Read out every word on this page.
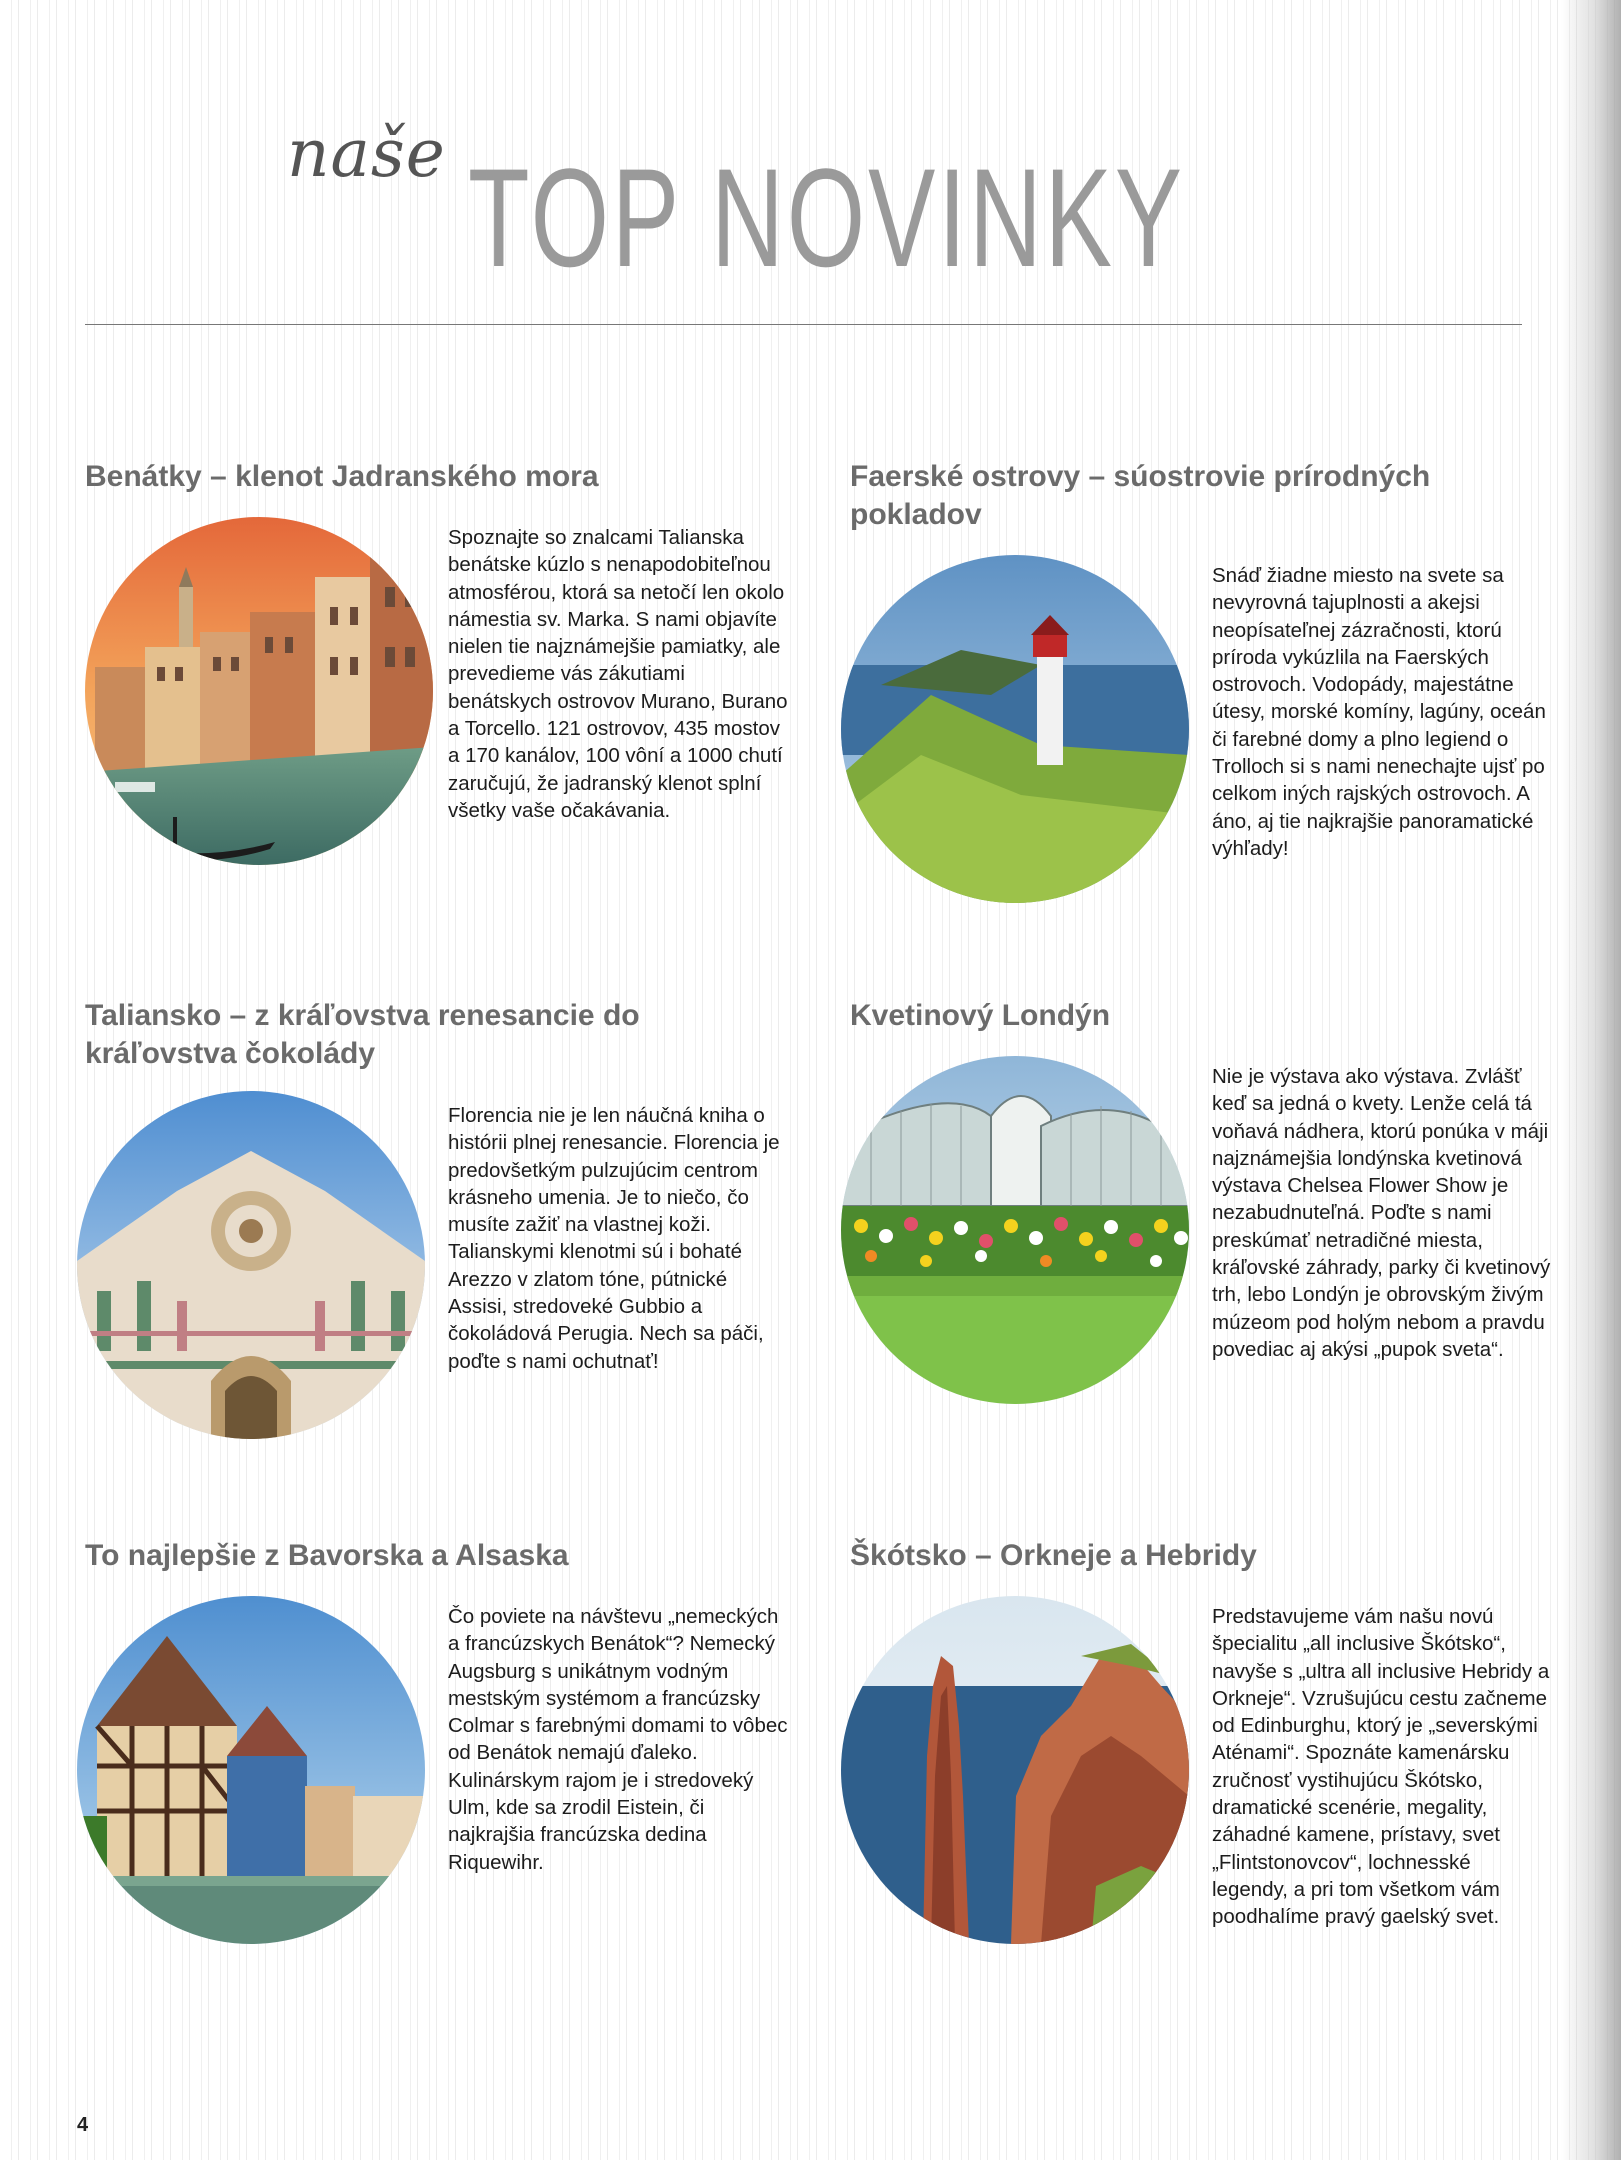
naše TOP NOVINKY
Benátky – klenot Jadranského mora

Spoznajte so znalcami Talianska benátske kúzlo s nenapodobiteľnou atmosférou, ktorá sa netočí len okolo námestia sv. Marka. S nami objavíte nielen tie najznámejšie pamiatky, ale prevedieme vás zákutiami benátskych ostrovov Murano, Burano a Torcello. 121 ostrovov, 435 mostov a 170 kanálov, 100 vôní a 1000 chutí zaručujú, že jadranský klenot splní všetky vaše očakávania.

Faerské ostrovy – súostrovie prírodných pokladov

Snáď žiadne miesto na svete sa nevyrovná tajuplnosti a akejsi neopísateľnej zázračnosti, ktorú príroda vykúzlila na Faerských ostrovoch. Vodopády, majestátne útesy, morské komíny, lagúny, oceán či farebné domy a plno legiend o Trolloch si s nami nenechajte ujsť po celkom iných rajských ostrovoch. A áno, aj tie najkrajšie panoramatické výhľady!

Taliansko – z kráľovstva renesancie do kráľovstva čokolády

Florencia nie je len náučná kniha o histórii plnej renesancie. Florencia je predovšetkým pulzujúcim centrom krásneho umenia. Je to niečo, čo musíte zažiť na vlastnej koži. Talianskymi klenotmi sú i bohaté Arezzo v zlatom tóne, pútnické Assisi, stredoveké Gubbio a čokoládová Perugia. Nech sa páči, poďte s nami ochutnať!

Kvetinový Londýn

Nie je výstava ako výstava. Zvlášť keď sa jedná o kvety. Lenže celá tá voňavá nádhera, ktorú ponúka v máji najznámejšia londýnska kvetinová výstava Chelsea Flower Show je nezabudnuteľná. Poďte s nami preskúmať netradičné miesta, kráľovské záhrady, parky či kvetinový trh, lebo Londýn je obrovským živým múzeom pod holým nebom a pravdu povediac aj akýsi „pupok sveta“.

To najlepšie z Bavorska a Alsaska

Čo poviete na návštevu „nemeckých a francúzskych Benátok“? Nemecký Augsburg s unikátnym vodným mestským systémom a francúzsky Colmar s farebnými domami to vôbec od Benátok nemajú ďaleko. Kulinárskym rajom je i stredoveký Ulm, kde sa zrodil Eistein, či najkrajšia francúzska dedina Riquewihr.

Škótsko – Orkneje a Hebridy

Predstavujeme vám našu novú špecialitu „all inclusive Škótsko“, navyše s „ultra all inclusive Hebridy a Orkneje“. Vzrušujúcu cestu začneme od Edinburghu, ktorý je „severskými Aténami“. Spoznáte kamenársku zručnosť vystihujúcu Škótsko, dramatické scenérie, megality, záhadné kamene, prístavy, svet „Flintstonovcov“, lochnesské legendy, a pri tom všetkom vám poodhalíme pravý gaelský svet.

4
